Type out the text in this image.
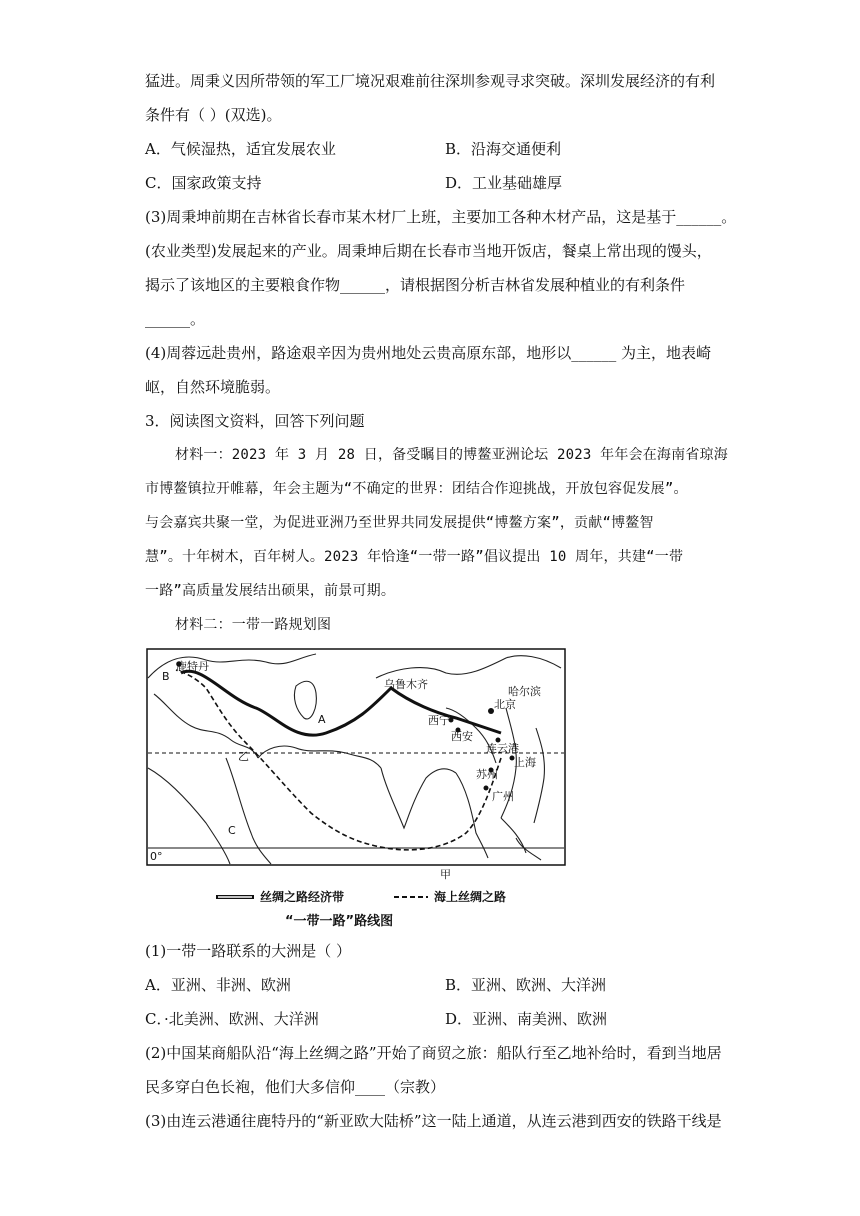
猛进。周秉义因所带领的军工厂境况艰难前往深圳参观寻求突破。深圳发展经济的有利
条件有（ ）(双选)。
A．气候湿热，适宜发展农业	B．沿海交通便利
C．国家政策支持	D．工业基础雄厚
(3)周秉坤前期在吉林省长春市某木材厂上班，主要加工各种木材产品，这是基于______。
(农业类型)发展起来的产业。周秉坤后期在长春市当地开饭店，餐桌上常出现的馒头，
揭示了该地区的主要粮食作物______，请根据图分析吉林省发展种植业的有利条件
______。
(4)周蓉远赴贵州，路途艰辛因为贵州地处云贵高原东部，地形以______ 为主，地表崎
岖，自然环境脆弱。
3．阅读图文资料，回答下列问题
材料一：2023 年 3 月 28 日，备受瞩目的博鳌亚洲论坛 2023 年年会在海南省琼海
市博鳌镇拉开帷幕，年会主题为“不确定的世界：团结合作迎挑战，开放包容促发展”。
与会嘉宾共聚一堂，为促进亚洲乃至世界共同发展提供“博鳌方案”，贡献“博鳌智
慧”。十年树木，百年树人。2023 年恰逢“一带一路”倡议提出 10 周年，共建“一带
一路”高质量发展结出硕果，前景可期。
材料二：一带一路规划图
鹿特丹
B
A
C
乙
甲
乌鲁木齐
哈尔滨
北京
西宁
西安
连云港
上海
苏州
广州
0°
丝绸之路经济带	海上丝绸之路
“一带一路”路线图
(1)一带一路联系的大洲是（ ）
A．亚洲、非洲、欧洲	B．亚洲、欧洲、大洋洲
C．·北美洲、欧洲、大洋洲	D．亚洲、南美洲、欧洲
(2)中国某商船队沿“海上丝绸之路”开始了商贸之旅：船队行至乙地补给时，看到当地居
民多穿白色长袍，他们大多信仰____（宗教）
(3)由连云港通往鹿特丹的“新亚欧大陆桥”这一陆上通道，从连云港到西安的铁路干线是
